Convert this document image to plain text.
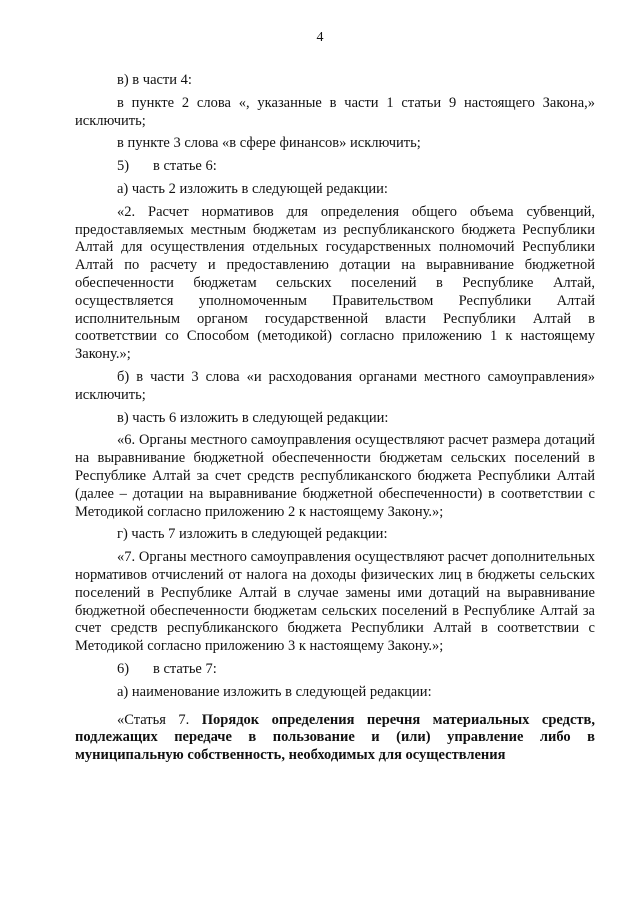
4

в) в части 4:

в пункте 2 слова «, указанные в части 1 статьи 9 настоящего Закона,» исключить;

в пункте 3 слова «в сфере финансов» исключить;

5) в статье 6:

а) часть 2 изложить в следующей редакции:

«2. Расчет нормативов для определения общего объема субвенций, предоставляемых местным бюджетам из республиканского бюджета Республики Алтай для осуществления отдельных государственных полномочий Республики Алтай по расчету и предоставлению дотации на выравнивание бюджетной обеспеченности бюджетам сельских поселений в Республике Алтай, осуществляется уполномоченным Правительством Республики Алтай исполнительным органом государственной власти Республики Алтай в соответствии со Способом (методикой) согласно приложению 1 к настоящему Закону.»;

б) в части 3 слова «и расходования органами местного самоуправления» исключить;

в) часть 6 изложить в следующей редакции:

«6. Органы местного самоуправления осуществляют расчет размера дотаций на выравнивание бюджетной обеспеченности бюджетам сельских поселений в Республике Алтай за счет средств республиканского бюджета Республики Алтай (далее – дотации на выравнивание бюджетной обеспеченности) в соответствии с Методикой согласно приложению 2 к настоящему Закону.»;

г) часть 7 изложить в следующей редакции:

«7. Органы местного самоуправления осуществляют расчет дополнительных нормативов отчислений от налога на доходы физических лиц в бюджеты сельских поселений в Республике Алтай в случае замены ими дотаций на выравнивание бюджетной обеспеченности бюджетам сельских поселений в Республике Алтай за счет средств республиканского бюджета Республики Алтай в соответствии с Методикой согласно приложению 3 к настоящему Закону.»;

6) в статье 7:

а) наименование изложить в следующей редакции:

«Статья 7. Порядок определения перечня материальных средств, подлежащих передаче в пользование и (или) управление либо в муниципальную собственность, необходимых для осуществления
